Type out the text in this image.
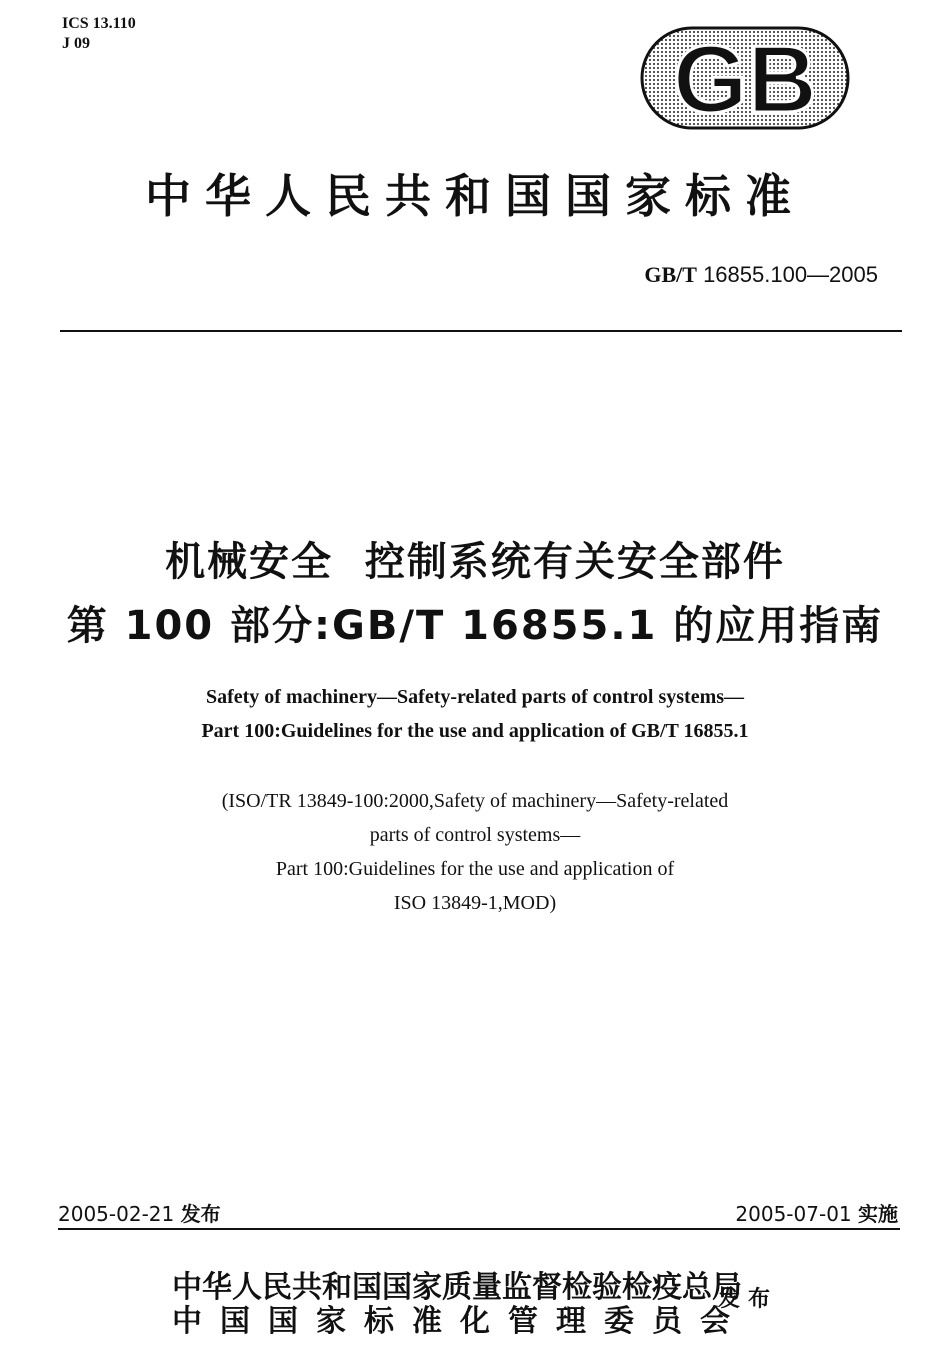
ICS 13.110
J 09	GB
中华人民共和国国家标准
GB/T 16855.100—2005
机械安全  控制系统有关安全部件
第 100 部分:GB/T 16855.1 的应用指南
Safety of machinery—Safety-related parts of control systems—
Part 100:Guidelines for the use and application of GB/T 16855.1
(ISO/TR 13849-100:2000,Safety of machinery—Safety-related
parts of control systems—
Part 100:Guidelines for the use and application of
ISO 13849-1,MOD)
2005-02-21 发布	2005-07-01 实施
中华人民共和国国家质量监督检验检疫总局
中国国家标准化管理委员会
发布
